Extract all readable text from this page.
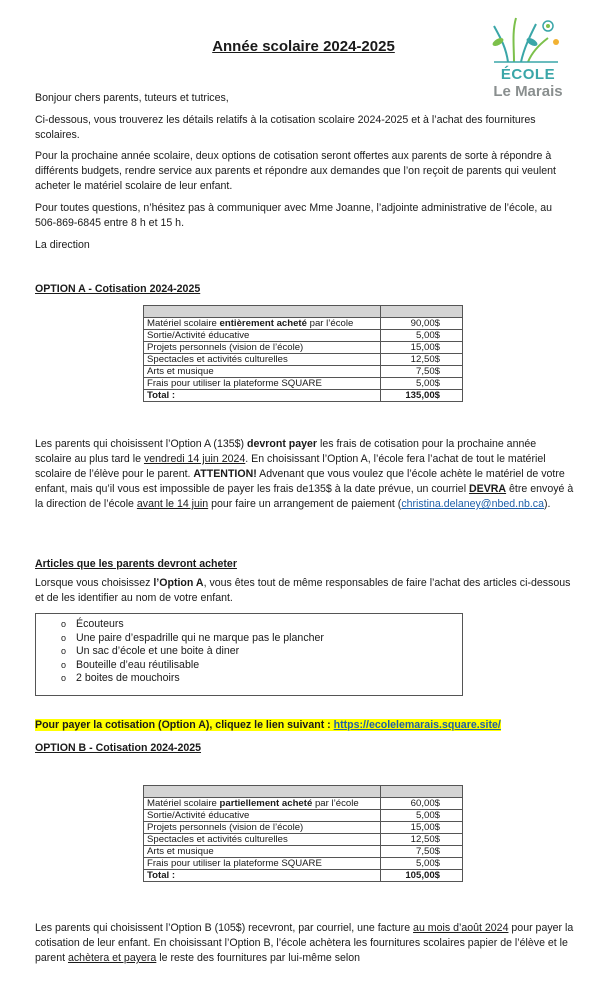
Année scolaire 2024-2025
ÉCOLE
Le Marais
Bonjour chers parents, tuteurs et tutrices,
Ci-dessous, vous trouverez les détails relatifs à la cotisation scolaire 2024-2025 et à l’achat des fournitures scolaires.
Pour la prochaine année scolaire, deux options de cotisation seront offertes aux parents de sorte à répondre à différents budgets, rendre service aux parents et répondre aux demandes que l’on reçoit de parents qui veulent acheter le matériel scolaire de leur enfant.
Pour toutes questions, n’hésitez pas à communiquer avec Mme Joanne, l’adjointe administrative de l’école, au 506-869-6845 entre 8 h et 15 h.
La direction
OPTION A - Cotisation 2024-2025

Matériel scolaire entièrement acheté par l’école	90,00$
Sortie/Activité éducative	5,00$
Projets personnels (vision de l’école)	15,00$
Spectacles et activités culturelles	12,50$
Arts et musique	7,50$
Frais pour utiliser la plateforme SQUARE	5,00$
Total :	135,00$
Les parents qui choisissent l’Option A (135$) devront payer les frais de cotisation pour la prochaine année scolaire au plus tard le vendredi 14 juin 2024. En choisissant l’Option A, l’école fera l’achat de tout le matériel scolaire de l’élève pour le parent. ATTENTION! Advenant que vous voulez que l’école achète le matériel de votre enfant, mais qu’il vous est impossible de payer les frais de135$ à la date prévue, un courriel DEVRA être envoyé à la direction de l’école avant le 14 juin pour faire un arrangement de paiement (christina.delaney@nbed.nb.ca).
Articles que les parents devront acheter
Lorsque vous choisissez l’Option A, vous êtes tout de même responsables de faire l’achat des articles ci-dessous et de les identifier au nom de votre enfant.
o Écouteurs
o Une paire d’espadrille qui ne marque pas le plancher
o Un sac d’école et une boite à diner
o Bouteille d’eau réutilisable
o 2 boites de mouchoirs
Pour payer la cotisation (Option A), cliquez le lien suivant : https://ecolelemarais.square.site/
OPTION B - Cotisation 2024-2025

Matériel scolaire partiellement acheté par l’école	60,00$
Sortie/Activité éducative	5,00$
Projets personnels (vision de l’école)	15,00$
Spectacles et activités culturelles	12,50$
Arts et musique	7,50$
Frais pour utiliser la plateforme SQUARE	5,00$
Total :	105,00$
Les parents qui choisissent l’Option B (105$) recevront, par courriel, une facture au mois d’août 2024 pour payer la cotisation de leur enfant. En choisissant l’Option B, l’école achètera les fournitures scolaires papier de l’élève et le parent achètera et payera le reste des fournitures par lui-même selon
